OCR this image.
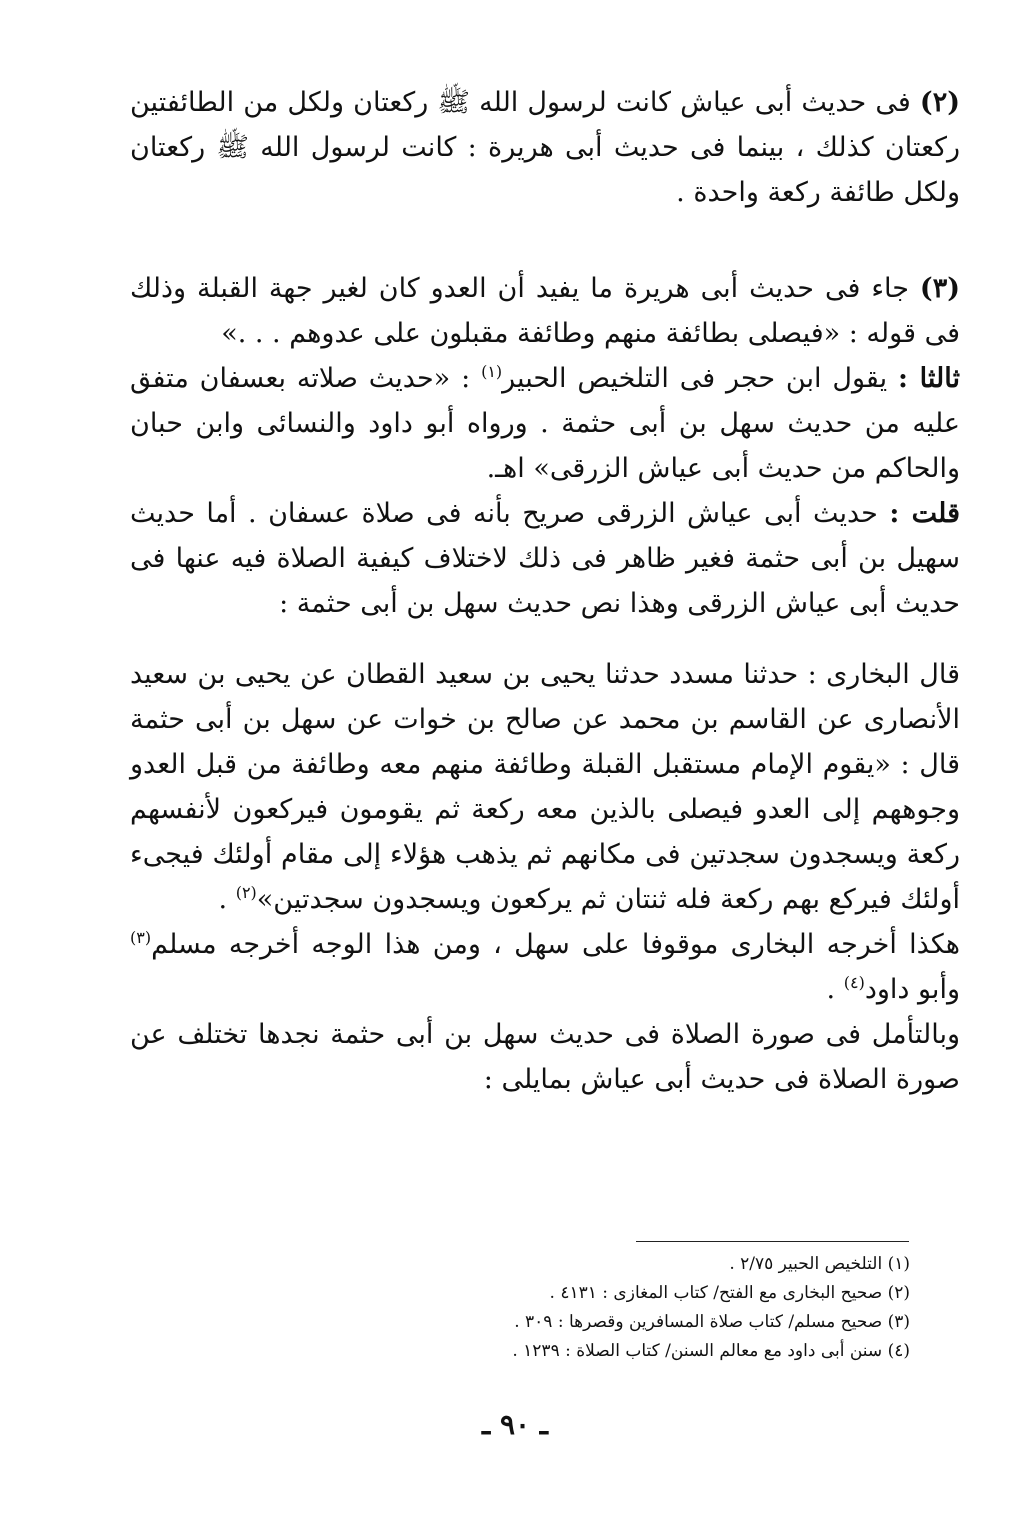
(٢) فى حديث أبى عياش كانت لرسول الله ﷺ ركعتان ولكل من الطائفتين ركعتان كذلك ، بينما فى حديث أبى هريرة : كانت لرسول الله ﷺ ركعتان ولكل طائفة ركعة واحدة .

(٣) جاء فى حديث أبى هريرة ما يفيد أن العدو كان لغير جهة القبلة وذلك فى قوله : «فيصلى بطائفة منهم وطائفة مقبلون على عدوهم . . .»

ثالثا : يقول ابن حجر فى التلخيص الحبير$^{(١)}$ : «حديث صلاته بعسفان متفق عليه من حديث سهل بن أبى حثمة . ورواه أبو داود والنسائى وابن حبان والحاكم من حديث أبى عياش الزرقى» اهـ.

قلت : حديث أبى عياش الزرقى صريح بأنه فى صلاة عسفان . أما حديث سهيل بن أبى حثمة فغير ظاهر فى ذلك لاختلاف كيفية الصلاة فيه عنها فى حديث أبى عياش الزرقى وهذا نص حديث سهل بن أبى حثمة :

قال البخارى : حدثنا مسدد حدثنا يحيى بن سعيد القطان عن يحيى بن سعيد الأنصارى عن القاسم بن محمد عن صالح بن خوات عن سهل بن أبى حثمة قال : «يقوم الإمام مستقبل القبلة وطائفة منهم معه وطائفة من قبل العدو وجوههم إلى العدو فيصلى بالذين معه ركعة ثم يقومون فيركعون لأنفسهم ركعة ويسجدون سجدتين فى مكانهم ثم يذهب هؤلاء إلى مقام أولئك فيجىء أولئك فيركع بهم ركعة فله ثنتان ثم يركعون ويسجدون سجدتين»$^{(٢)}$ .

هكذا أخرجه البخارى موقوفا على سهل ، ومن هذا الوجه أخرجه مسلم$^{(٣)}$ وأبو داود$^{(٤)}$ .

وبالتأمل فى صورة الصلاة فى حديث سهل بن أبى حثمة نجدها تختلف عن صورة الصلاة فى حديث أبى عياش بمايلى :

(١) التلخيص الحبير ٢/٧٥ .

(٢) صحيح البخارى مع الفتح/ كتاب المغازى : ٤١٣١ .

(٣) صحيح مسلم/ كتاب صلاة المسافرين وقصرها : ٣٠٩ .

(٤) سنن أبى داود مع معالم السنن/ كتاب الصلاة : ١٢٣٩ .

ـ ٩٠ ـ
